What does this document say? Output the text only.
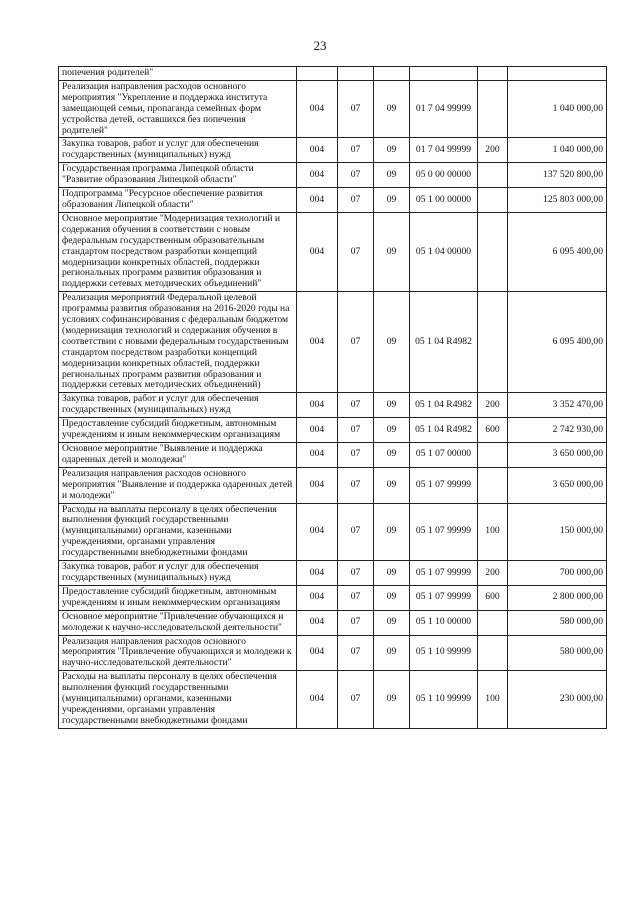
23
попечения родителей"						
Реализация направления расходов основного мероприятия "Укрепление и поддержка института замещающей семьи, пропаганда семейных форм устройства детей, оставшихся без попечения родителей"	004	07	09	01 7 04 99999		1 040 000,00
Закупка товаров, работ и услуг для обеспечения государственных (муниципальных) нужд	004	07	09	01 7 04 99999	200	1 040 000,00
Государственная программа Липецкой области "Развитие образования Липецкой области"	004	07	09	05 0 00 00000		137 520 800,00
Подпрограмма "Ресурсное обеспечение развития образования Липецкой области"	004	07	09	05 1 00 00000		125 803 000,00
Основное мероприятие "Модернизация технологий и содержания обучения в соответствии с новым федеральным государственным образовательным стандартом посредством разработки концепций модернизации конкретных областей, поддержки региональных программ развития образования и поддержки сетевых методических объединений"	004	07	09	05 1 04 00000		6 095 400,00
Реализация мероприятий Федеральной целевой программы развития образования на 2016-2020 годы на условиях софинансирования с федеральным бюджетом (модернизация технологий и содержания обучения в соответствии с новыми федеральным государственным стандартом посредством разработки концепций модернизации конкретных областей, поддержки региональных программ развития образования и поддержки сетевых методических объединений)	004	07	09	05 1 04 R4982		6 095 400,00
Закупка товаров, работ и услуг для обеспечения государственных (муниципальных) нужд	004	07	09	05 1 04 R4982	200	3 352 470,00
Предоставление субсидий бюджетным, автономным учреждениям и иным некоммерческим организациям	004	07	09	05 1 04 R4982	600	2 742 930,00
Основное мероприятие "Выявление и поддержка одаренных детей и молодежи"	004	07	09	05 1 07 00000		3 650 000,00
Реализация направления расходов основного мероприятия "Выявление и поддержка одаренных детей и молодежи"	004	07	09	05 1 07 99999		3 650 000,00
Расходы на выплаты персоналу в целях обеспечения выполнения функций государственными (муниципальными) органами, казенными учреждениями, органами управления государственными внебюджетными фондами	004	07	09	05 1 07 99999	100	150 000,00
Закупка товаров, работ и услуг для обеспечения государственных (муниципальных) нужд	004	07	09	05 1 07 99999	200	700 000,00
Предоставление субсидий бюджетным, автономным учреждениям и иным некоммерческим организациям	004	07	09	05 1 07 99999	600	2 800 000,00
Основное мероприятие "Привлечение обучающихся и молодежи к научно-исследовательской деятельности"	004	07	09	05 1 10 00000		580 000,00
Реализация направления расходов основного мероприятия "Привлечение обучающихся и молодежи к научно-исследовательской деятельности"	004	07	09	05 1 10 99999		580 000,00
Расходы на выплаты персоналу в целях обеспечения выполнения функций государственными (муниципальными) органами, казенными учреждениями, органами управления государственными внебюджетными фондами	004	07	09	05 1 10 99999	100	230 000,00
